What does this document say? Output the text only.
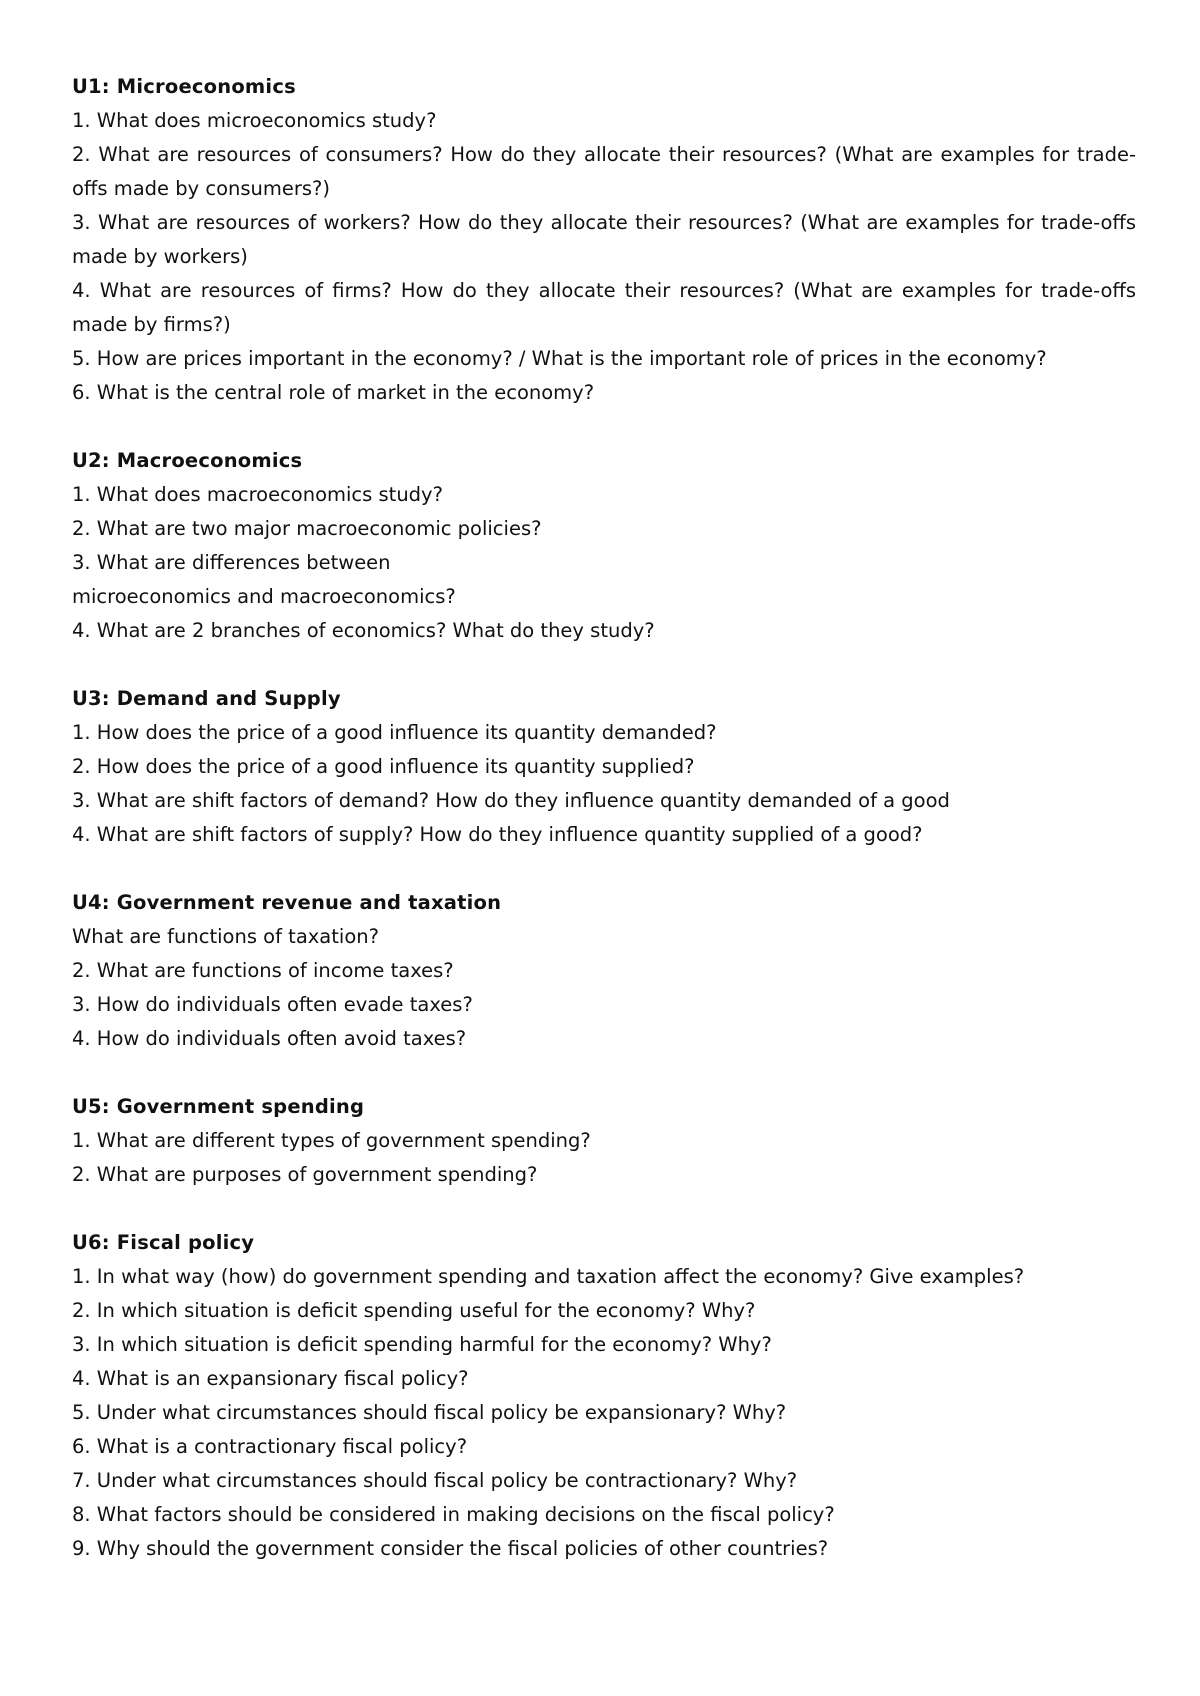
U1: Microeconomics

1. What does microeconomics study?

2. What are resources of consumers? How do they allocate their resources? (What are examples for trade-offs made by consumers?)

3. What are resources of workers? How do they allocate their resources? (What are examples for trade-offs made by workers)

4. What are resources of firms? How do they allocate their resources? (What are examples for trade-offs made by firms?)

5. How are prices important in the economy? / What is the important role of prices in the economy?

6. What is the central role of market in the economy?

U2: Macroeconomics

1. What does macroeconomics study?

2. What are two major macroeconomic policies?

3. What are differences between

microeconomics and macroeconomics?

4. What are 2 branches of economics? What do they study?

U3: Demand and Supply

1. How does the price of a good influence its quantity demanded?

2. How does the price of a good influence its quantity supplied?

3. What are shift factors of demand? How do they influence quantity demanded of a good

4. What are shift factors of supply? How do they influence quantity supplied of a good?

U4: Government revenue and taxation

What are functions of taxation?

2. What are functions of income taxes?

3. How do individuals often evade taxes?

4. How do individuals often avoid taxes?

U5: Government spending

1. What are different types of government spending?

2. What are purposes of government spending?

U6: Fiscal policy

1. In what way (how) do government spending and taxation affect the economy? Give examples?

2. In which situation is deficit spending useful for the economy? Why?

3. In which situation is deficit spending harmful for the economy? Why?

4. What is an expansionary fiscal policy?

5. Under what circumstances should fiscal policy be expansionary? Why?

6. What is a contractionary fiscal policy?

7. Under what circumstances should fiscal policy be contractionary? Why?

8. What factors should be considered in making decisions on the fiscal policy?

9. Why should the government consider the fiscal policies of other countries?
